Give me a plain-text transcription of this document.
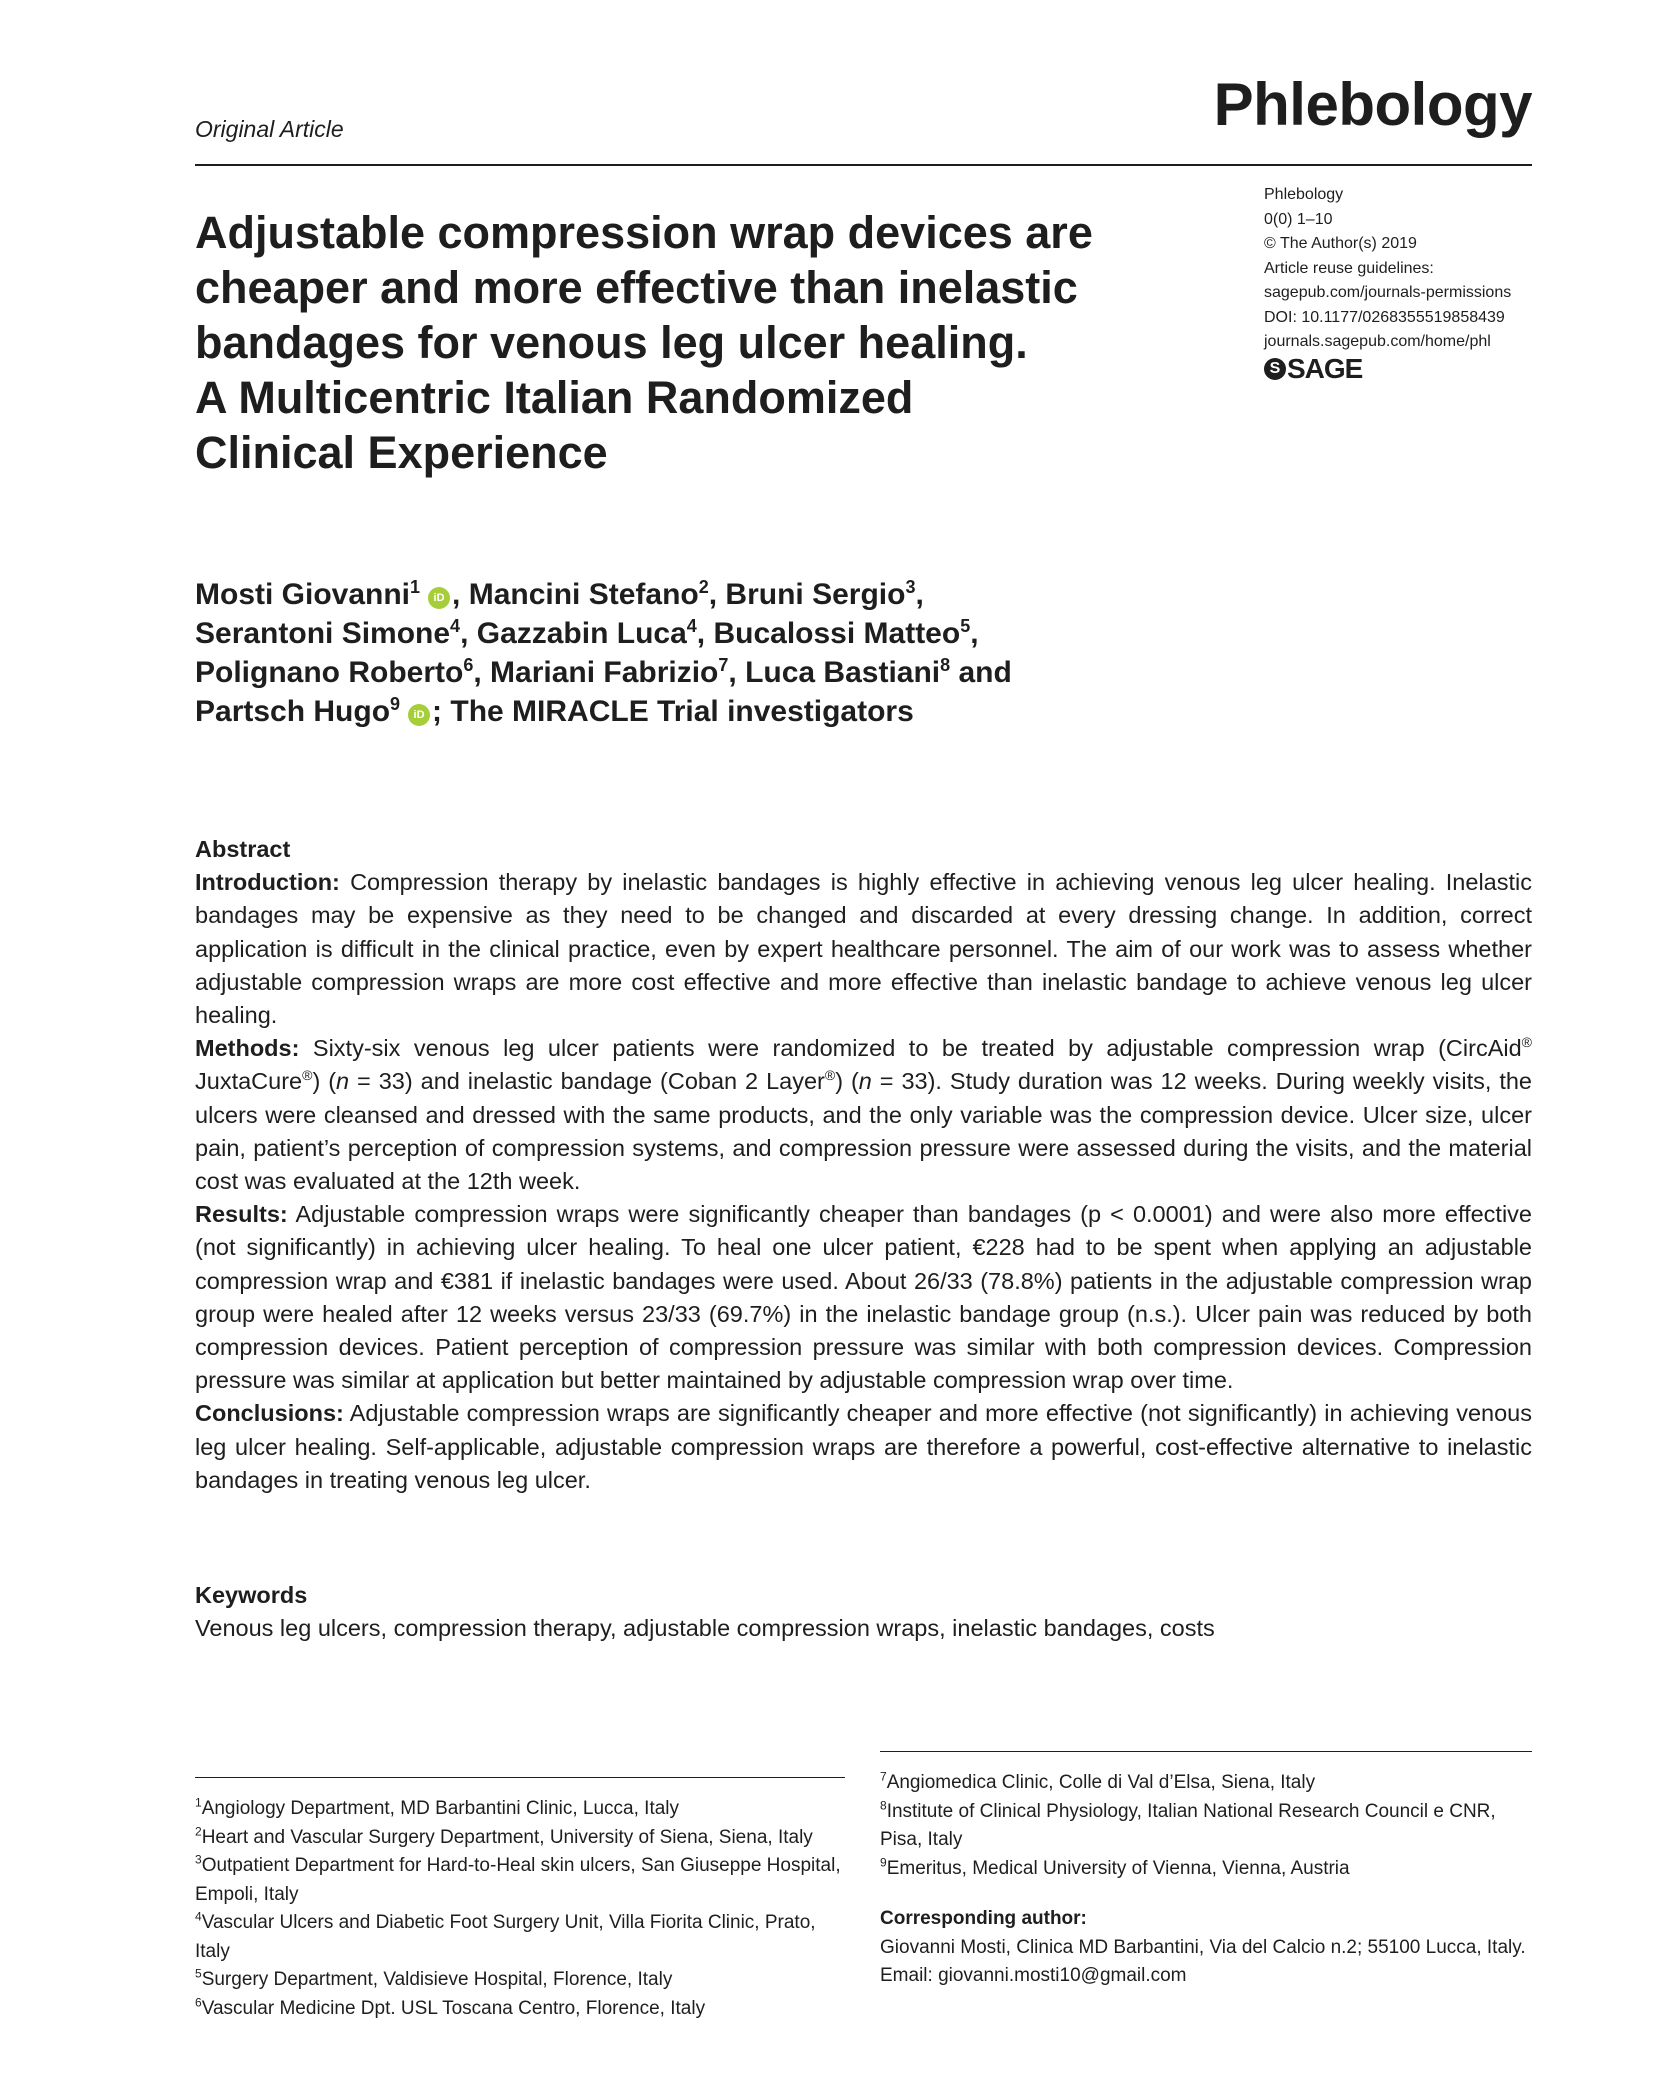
Original Article	Phlebology
Phlebology
0(0) 1–10
© The Author(s) 2019
Article reuse guidelines:
sagepub.com/journals-permissions
DOI: 10.1177/0268355519858439
journals.sagepub.com/home/phl
S SAGE
Adjustable compression wrap devices are
cheaper and more effective than inelastic
bandages for venous leg ulcer healing.
A Multicentric Italian Randomized
Clinical Experience
Mosti Giovanni$^1$iD , Mancini Stefano$^2$, Bruni Sergio$^3$,
Serantoni Simone$^4$, Gazzabin Luca$^4$, Bucalossi Matteo$^5$,
Polignano Roberto$^6$, Mariani Fabrizio$^7$, Luca Bastiani$^8$ and
Partsch Hugo$^9$iD ; The MIRACLE Trial investigators

Abstract

Introduction: Compression therapy by inelastic bandages is highly effective in achieving venous leg ulcer healing. Inelastic bandages may be expensive as they need to be changed and discarded at every dressing change. In addition, correct application is difficult in the clinical practice, even by expert healthcare personnel. The aim of our work was to assess whether adjustable compression wraps are more cost effective and more effective than inelastic bandage to achieve venous leg ulcer healing.

Methods: Sixty-six venous leg ulcer patients were randomized to be treated by adjustable compression wrap (CircAid® JuxtaCure®) (n = 33) and inelastic bandage (Coban 2 Layer®) (n = 33). Study duration was 12 weeks. During weekly visits, the ulcers were cleansed and dressed with the same products, and the only variable was the compression device. Ulcer size, ulcer pain, patient’s perception of compression systems, and compression pressure were assessed during the visits, and the material cost was evaluated at the 12th week.

Results: Adjustable compression wraps were significantly cheaper than bandages (p < 0.0001) and were also more effective (not significantly) in achieving ulcer healing. To heal one ulcer patient, €228 had to be spent when applying an adjustable compression wrap and €381 if inelastic bandages were used. About 26/33 (78.8%) patients in the adjustable compression wrap group were healed after 12 weeks versus 23/33 (69.7%) in the inelastic bandage group (n.s.). Ulcer pain was reduced by both compression devices. Patient perception of compression pressure was similar with both compression devices. Compression pressure was similar at application but better maintained by adjustable compression wrap over time.

Conclusions: Adjustable compression wraps are significantly cheaper and more effective (not significantly) in achieving venous leg ulcer healing. Self-applicable, adjustable compression wraps are therefore a powerful, cost-effective alternative to inelastic bandages in treating venous leg ulcer.

Keywords
Venous leg ulcers, compression therapy, adjustable compression wraps, inelastic bandages, costs
$^1$Angiology Department, MD Barbantini Clinic, Lucca, Italy
$^2$Heart and Vascular Surgery Department, University of Siena, Siena, Italy
$^3$Outpatient Department for Hard-to-Heal skin ulcers, San Giuseppe Hospital, Empoli, Italy
$^4$Vascular Ulcers and Diabetic Foot Surgery Unit, Villa Fiorita Clinic, Prato, Italy
$^5$Surgery Department, Valdisieve Hospital, Florence, Italy
$^6$Vascular Medicine Dpt. USL Toscana Centro, Florence, Italy
$^7$Angiomedica Clinic, Colle di Val d’Elsa, Siena, Italy
$^8$Institute of Clinical Physiology, Italian National Research Council e CNR, Pisa, Italy
$^9$Emeritus, Medical University of Vienna, Vienna, Austria
Corresponding author:
Giovanni Mosti, Clinica MD Barbantini, Via del Calcio n.2; 55100 Lucca, Italy.
Email: giovanni.mosti10@gmail.com
